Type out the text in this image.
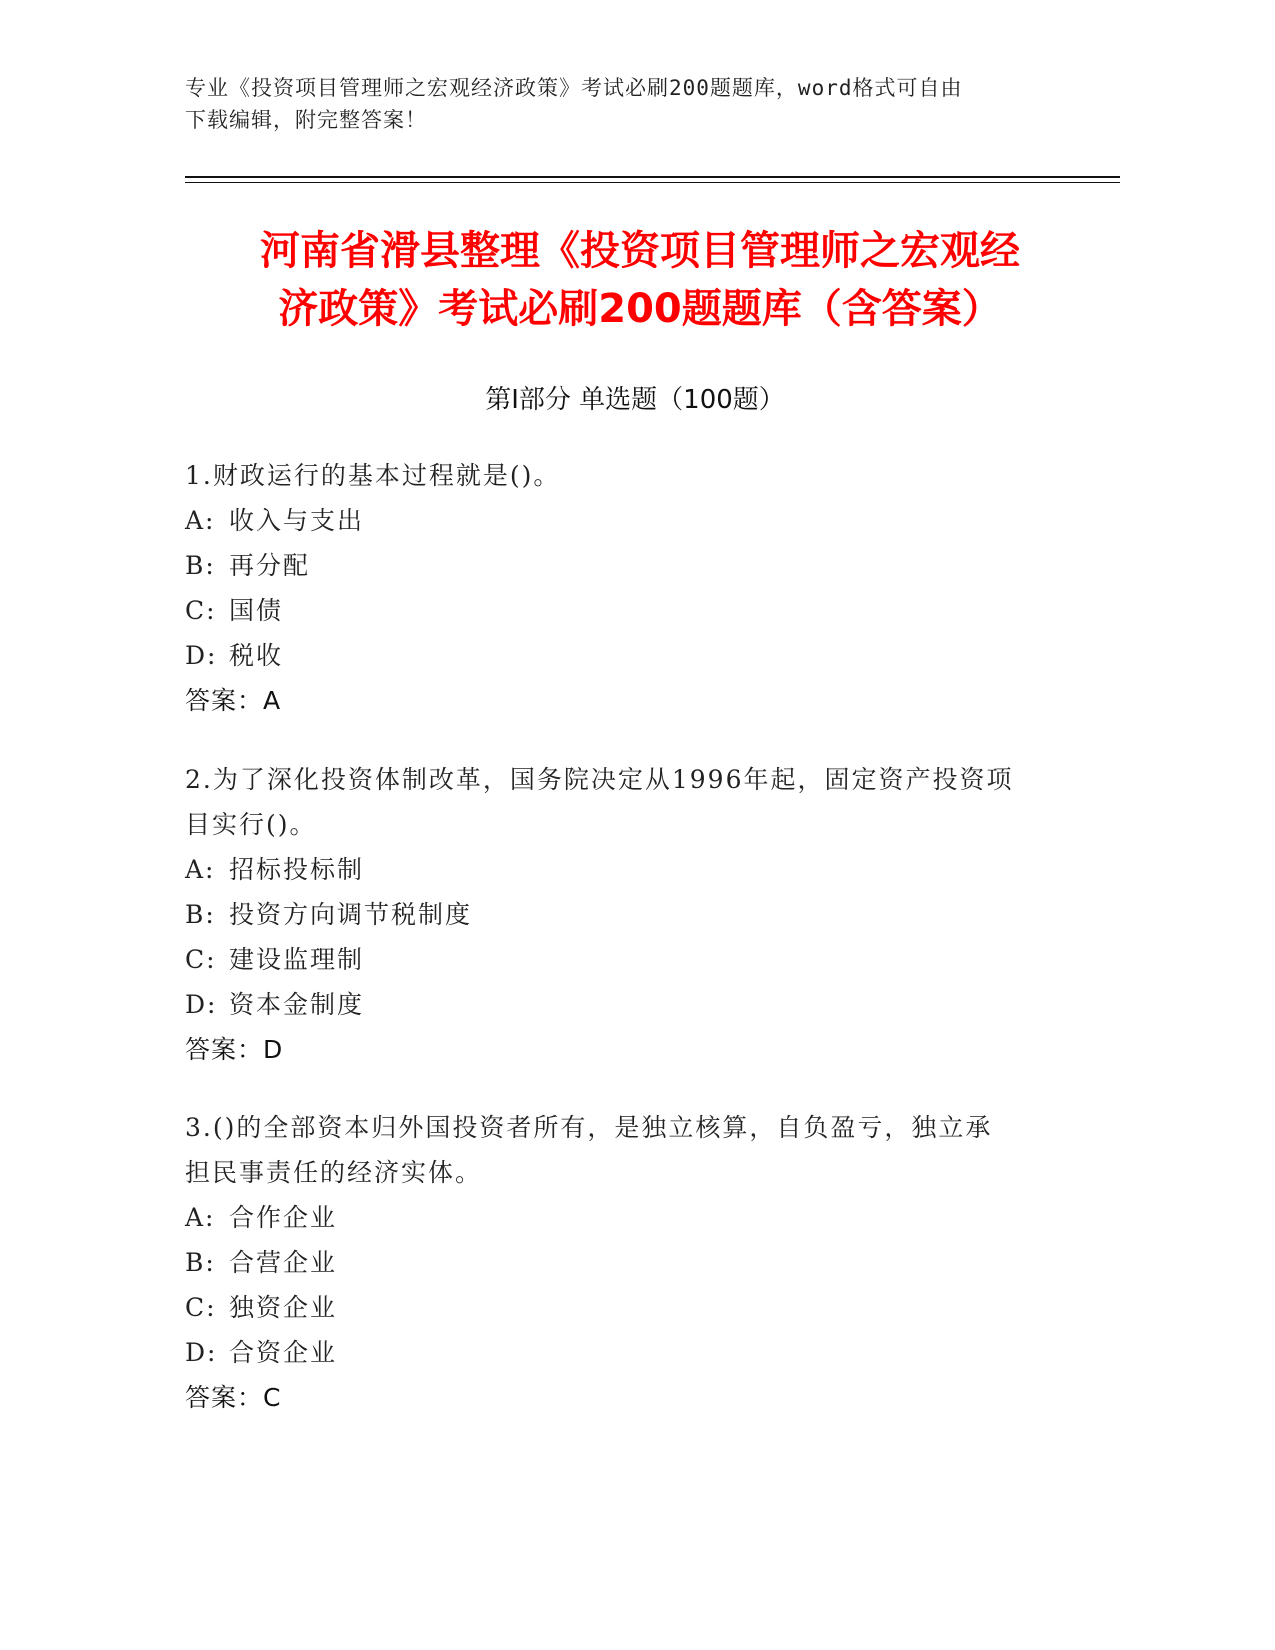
专业《投资项目管理师之宏观经济政策》考试必刷200题题库，word格式可自由
下载编辑，附完整答案！
河南省滑县整理《投资项目管理师之宏观经
济政策》考试必刷200题题库（含答案）
第Ⅰ部分 单选题（100题）
1.财政运行的基本过程就是()。
A: 收入与支出
B: 再分配
C: 国债
D: 税收
答案：A
2.为了深化投资体制改革，国务院决定从1996年起，固定资产投资项
目实行()。
A: 招标投标制
B: 投资方向调节税制度
C: 建设监理制
D: 资本金制度
答案：D
3.()的全部资本归外国投资者所有，是独立核算，自负盈亏，独立承
担民事责任的经济实体。
A: 合作企业
B: 合营企业
C: 独资企业
D: 合资企业
答案：C
